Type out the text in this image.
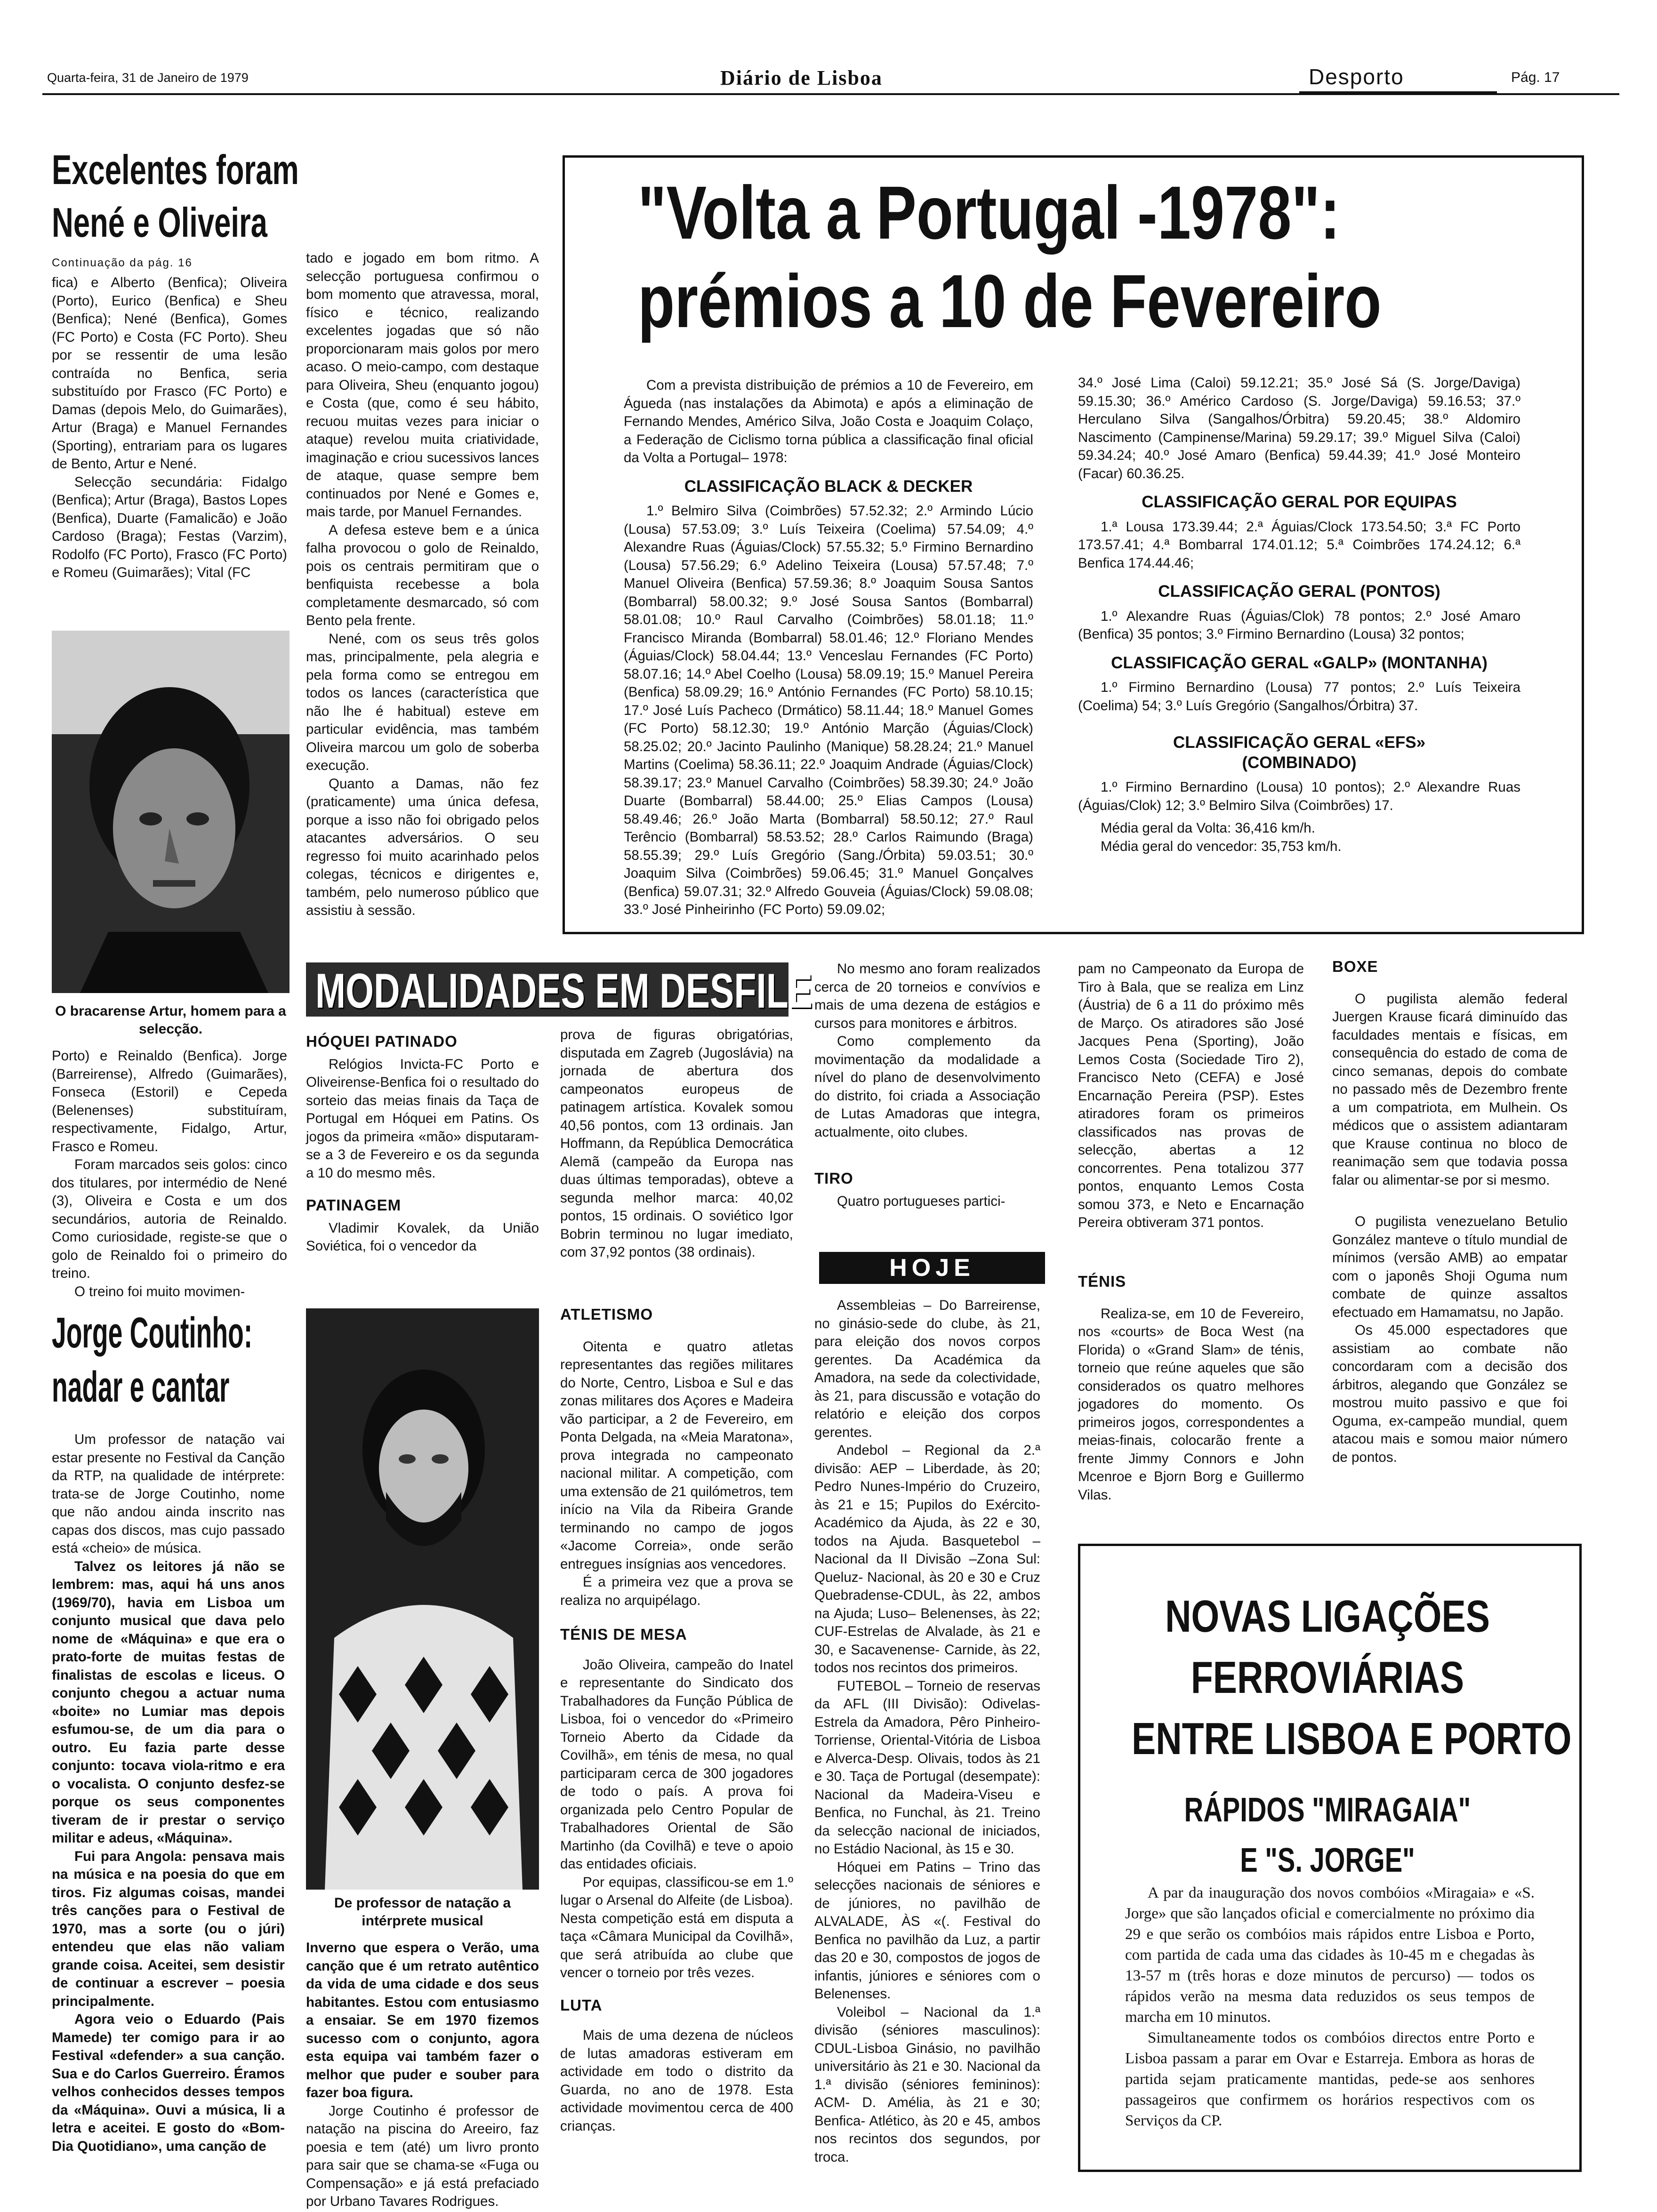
Quarta-feira, 31 de Janeiro de 1979	Diário de Lisboa	Desporto	Pág. 17
Excelentes foram
Nené e Oliveira
Continuação da pág. 16

fica) e Alberto (Benfica); Oliveira (Porto), Eurico (Benfica) e Sheu (Benfica); Nené (Benfica), Gomes (FC Porto) e Costa (FC Porto). Sheu por se ressentir de uma lesão contraída no Benfica, seria substituído por Frasco (FC Porto) e Damas (depois Melo, do Guimarães), Artur (Braga) e Manuel Fernandes (Sporting), entrariam para os lugares de Bento, Artur e Nené.

Selecção secundária: Fidalgo (Benfica); Artur (Braga), Bastos Lopes (Benfica), Duarte (Famalicão) e João Cardoso (Braga); Festas (Varzim), Rodolfo (FC Porto), Frasco (FC Porto) e Romeu (Guimarães); Vital (FC

tado e jogado em bom ritmo. A selecção portuguesa confirmou o bom momento que atravessa, moral, físico e técnico, realizando excelentes jogadas que só não proporcionaram mais golos por mero acaso. O meio-campo, com destaque para Oliveira, Sheu (enquanto jogou) e Costa (que, como é seu hábito, recuou muitas vezes para iniciar o ataque) revelou muita criatividade, imaginação e criou sucessivos lances de ataque, quase sempre bem continuados por Nené e Gomes e, mais tarde, por Manuel Fernandes.

A defesa esteve bem e a única falha provocou o golo de Reinaldo, pois os centrais permitiram que o benfiquista recebesse a bola completamente desmarcado, só com Bento pela frente.

Nené, com os seus três golos mas, principalmente, pela alegria e pela forma como se entregou em todos os lances (característica que não lhe é habitual) esteve em particular evidência, mas também Oliveira marcou um golo de soberba execução.

Quanto a Damas, não fez (praticamente) uma única defesa, porque a isso não foi obrigado pelos atacantes adversários. O seu regresso foi muito acarinhado pelos colegas, técnicos e dirigentes e, também, pelo numeroso público que assistiu à sessão.

O bracarense Artur, homem para a selecção.

Porto) e Reinaldo (Benfica). Jorge (Barreirense), Alfredo (Guimarães), Fonseca (Estoril) e Cepeda (Belenenses) substituíram, respectivamente, Fidalgo, Artur, Frasco e Romeu.

Foram marcados seis golos: cinco dos titulares, por intermédio de Nené (3), Oliveira e Costa e um dos secundários, autoria de Reinaldo. Como curiosidade, registe-se que o golo de Reinaldo foi o primeiro do treino.

O treino foi muito movimen-

"Volta a Portugal -1978":
prémios a 10 de Fevereiro

Com a prevista distribuição de prémios a 10 de Fevereiro, em Águeda (nas instalações da Abimota) e após a eliminação de Fernando Mendes, Américo Silva, João Costa e Joaquim Colaço, a Federação de Ciclismo torna pública a classificação final oficial da Volta a Portugal– 1978:

CLASSIFICAÇÃO BLACK & DECKER

1.º Belmiro Silva (Coimbrões) 57.52.32; 2.º Armindo Lúcio (Lousa) 57.53.09; 3.º Luís Teixeira (Coelima) 57.54.09; 4.º Alexandre Ruas (Águias/Clock) 57.55.32; 5.º Firmino Bernardino (Lousa) 57.56.29; 6.º Adelino Teixeira (Lousa) 57.57.48; 7.º Manuel Oliveira (Benfica) 57.59.36; 8.º Joaquim Sousa Santos (Bombarral) 58.00.32; 9.º José Sousa Santos (Bombarral) 58.01.08; 10.º Raul Carvalho (Coimbrões) 58.01.18; 11.º Francisco Miranda (Bombarral) 58.01.46; 12.º Floriano Mendes (Águias/Clock) 58.04.44; 13.º Venceslau Fernandes (FC Porto) 58.07.16; 14.º Abel Coelho (Lousa) 58.09.19; 15.º Manuel Pereira (Benfica) 58.09.29; 16.º António Fernandes (FC Porto) 58.10.15; 17.º José Luís Pacheco (Drmático) 58.11.44; 18.º Manuel Gomes (FC Porto) 58.12.30; 19.º António Marção (Águias/Clock) 58.25.02; 20.º Jacinto Paulinho (Manique) 58.28.24; 21.º Manuel Martins (Coelima) 58.36.11; 22.º Joaquim Andrade (Águias/Clock) 58.39.17; 23.º Manuel Carvalho (Coimbrões) 58.39.30; 24.º João Duarte (Bombarral) 58.44.00; 25.º Elias Campos (Lousa) 58.49.46; 26.º João Marta (Bombarral) 58.50.12; 27.º Raul Terêncio (Bombarral) 58.53.52; 28.º Carlos Raimundo (Braga) 58.55.39; 29.º Luís Gregório (Sang./Órbita) 59.03.51; 30.º Joaquim Silva (Coimbrões) 59.06.45; 31.º Manuel Gonçalves (Benfica) 59.07.31; 32.º Alfredo Gouveia (Águias/Clock) 59.08.08; 33.º José Pinheirinho (FC Porto) 59.09.02;

34.º José Lima (Caloi) 59.12.21; 35.º José Sá (S. Jorge/Daviga) 59.15.30; 36.º Américo Cardoso (S. Jorge/Daviga) 59.16.53; 37.º Herculano Silva (Sangalhos/Órbitra) 59.20.45; 38.º Aldomiro Nascimento (Campinense/Marina) 59.29.17; 39.º Miguel Silva (Caloi) 59.34.24; 40.º José Amaro (Benfica) 59.44.39; 41.º José Monteiro (Facar) 60.36.25.

CLASSIFICAÇÃO GERAL POR EQUIPAS

1.ª Lousa 173.39.44; 2.ª Águias/Clock 173.54.50; 3.ª FC Porto 173.57.41; 4.ª Bombarral 174.01.12; 5.ª Coimbrões 174.24.12; 6.ª Benfica 174.44.46;

CLASSIFICAÇÃO GERAL (PONTOS)

1.º Alexandre Ruas (Águias/Clok) 78 pontos; 2.º José Amaro (Benfica) 35 pontos; 3.º Firmino Bernardino (Lousa) 32 pontos;

CLASSIFICAÇÃO GERAL «GALP» (MONTANHA)

1.º Firmino Bernardino (Lousa) 77 pontos; 2.º Luís Teixeira (Coelima) 54; 3.º Luís Gregório (Sangalhos/Órbitra) 37.

CLASSIFICAÇÃO GERAL «EFS»
(COMBINADO)

1.º Firmino Bernardino (Lousa) 10 pontos); 2.º Alexandre Ruas (Águias/Clok) 12; 3.º Belmiro Silva (Coimbrões) 17.

Média geral da Volta: 36,416 km/h.

Média geral do vencedor: 35,753 km/h.

MODALIDADES EM DESFILE
HÓQUEI PATINADO

Relógios Invicta-FC Porto e Oliveirense-Benfica foi o resultado do sorteio das meias finais da Taça de Portugal em Hóquei em Patins. Os jogos da primeira «mão» disputaram-se a 3 de Fevereiro e os da segunda a 10 do mesmo mês.

PATINAGEM

Vladimir Kovalek, da União Soviética, foi o vencedor da

prova de figuras obrigatórias, disputada em Zagreb (Jugoslávia) na jornada de abertura dos campeonatos europeus de patinagem artística. Kovalek somou 40,56 pontos, com 13 ordinais. Jan Hoffmann, da República Democrática Alemã (campeão da Europa nas duas últimas temporadas), obteve a segunda melhor marca: 40,02 pontos, 15 ordinais. O soviético Igor Bobrin terminou no lugar imediato, com 37,92 pontos (38 ordinais).

No mesmo ano foram realizados cerca de 20 torneios e convívios e mais de uma dezena de estágios e cursos para monitores e árbitros.

Como complemento da movimentação da modalidade a nível do plano de desenvolvimento do distrito, foi criada a Associação de Lutas Amadoras que integra, actualmente, oito clubes.

TIRO

Quatro portugueses partici-

pam no Campeonato da Europa de Tiro à Bala, que se realiza em Linz (Áustria) de 6 a 11 do próximo mês de Março. Os atiradores são José Jacques Pena (Sporting), João Lemos Costa (Sociedade Tiro 2), Francisco Neto (CEFA) e José Encarnação Pereira (PSP). Estes atiradores foram os primeiros classificados nas provas de selecção, abertas a 12 concorrentes. Pena totalizou 377 pontos, enquanto Lemos Costa somou 373, e Neto e Encarnação Pereira obtiveram 371 pontos.

BOXE

O pugilista alemão federal Juergen Krause ficará diminuído das faculdades mentais e físicas, em consequência do estado de coma de cinco semanas, depois do combate no passado mês de Dezembro frente a um compatriota, em Mulhein. Os médicos que o assistem adiantaram que Krause continua no bloco de reanimação sem que todavia possa falar ou alimentar-se por si mesmo.

O pugilista venezuelano Betulio González manteve o título mundial de mínimos (versão AMB) ao empatar com o japonês Shoji Oguma num combate de quinze assaltos efectuado em Hamamatsu, no Japão.

Os 45.000 espectadores que assistiam ao combate não concordaram com a decisão dos árbitros, alegando que González se mostrou muito passivo e que foi Oguma, ex-campeão mundial, quem atacou mais e somou maior número de pontos.

HOJE

Assembleias – Do Barreirense, no ginásio-sede do clube, às 21, para eleição dos novos corpos gerentes. Da Académica da Amadora, na sede da colectividade, às 21, para discussão e votação do relatório e eleição dos corpos gerentes.

Andebol – Regional da 2.ª divisão: AEP – Liberdade, às 20; Pedro Nunes-Império do Cruzeiro, às 21 e 15; Pupilos do Exército-Académico da Ajuda, às 22 e 30, todos na Ajuda. Basquetebol – Nacional da II Divisão –Zona Sul: Queluz- Nacional, às 20 e 30 e Cruz Quebradense-CDUL, às 22, ambos na Ajuda; Luso– Belenenses, às 22; CUF-Estrelas de Alvalade, às 21 e 30, e Sacavenense- Carnide, às 22, todos nos recintos dos primeiros.

FUTEBOL – Torneio de reservas da AFL (III Divisão): Odivelas- Estrela da Amadora, Pêro Pinheiro- Torriense, Oriental-Vitória de Lisboa e Alverca-Desp. Olivais, todos às 21 e 30. Taça de Portugal (desempate): Nacional da Madeira-Viseu e Benfica, no Funchal, às 21. Treino da selecção nacional de iniciados, no Estádio Nacional, às 15 e 30.

Hóquei em Patins – Trino das selecções nacionais de séniores e de júniores, no pavilhão de ALVALADE, ÀS «(. Festival do Benfica no pavilhão da Luz, a partir das 20 e 30, compostos de jogos de infantis, júniores e séniores com o Belenenses.

Voleibol – Nacional da 1.ª divisão (séniores masculinos): CDUL-Lisboa Ginásio, no pavilhão universitário às 21 e 30. Nacional da 1.ª divisão (séniores femininos): ACM- D. Amélia, às 21 e 30; Benfica- Atlético, às 20 e 45, ambos nos recintos dos segundos, por troca.

TÉNIS

Realiza-se, em 10 de Fevereiro, nos «courts» de Boca West (na Florida) o «Grand Slam» de ténis, torneio que reúne aqueles que são considerados os quatro melhores jogadores do momento. Os primeiros jogos, correspondentes a meias-finais, colocarão frente a frente Jimmy Connors e John Mcenroe e Bjorn Borg e Guillermo Vilas.

ATLETISMO

Oitenta e quatro atletas representantes das regiões militares do Norte, Centro, Lisboa e Sul e das zonas militares dos Açores e Madeira vão participar, a 2 de Fevereiro, em Ponta Delgada, na «Meia Maratona», prova integrada no campeonato nacional militar. A competição, com uma extensão de 21 quilómetros, tem início na Vila da Ribeira Grande terminando no campo de jogos «Jacome Correia», onde serão entregues insígnias aos vencedores.

É a primeira vez que a prova se realiza no arquipélago.

TÉNIS DE MESA

João Oliveira, campeão do Inatel e representante do Sindicato dos Trabalhadores da Função Pública de Lisboa, foi o vencedor do «Primeiro Torneio Aberto da Cidade da Covilhã», em ténis de mesa, no qual participaram cerca de 300 jogadores de todo o país. A prova foi organizada pelo Centro Popular de Trabalhadores Oriental de São Martinho (da Covilhã) e teve o apoio das entidades oficiais.

Por equipas, classificou-se em 1.º lugar o Arsenal do Alfeite (de Lisboa). Nesta competição está em disputa a taça «Câmara Municipal da Covilhã», que será atribuída ao clube que vencer o torneio por três vezes.

LUTA

Mais de uma dezena de núcleos de lutas amadoras estiveram em actividade em todo o distrito da Guarda, no ano de 1978. Esta actividade movimentou cerca de 400 crianças.

Jorge Coutinho:
nadar e cantar

Um professor de natação vai estar presente no Festival da Canção da RTP, na qualidade de intérprete: trata-se de Jorge Coutinho, nome que não andou ainda inscrito nas capas dos discos, mas cujo passado está «cheio» de música.

Talvez os leitores já não se lembrem: mas, aqui há uns anos (1969/70), havia em Lisboa um conjunto musical que dava pelo nome de «Máquina» e que era o prato-forte de muitas festas de finalistas de escolas e liceus. O conjunto chegou a actuar numa «boite» no Lumiar mas depois esfumou-se, de um dia para o outro. Eu fazia parte desse conjunto: tocava viola-ritmo e era o vocalista. O conjunto desfez-se porque os seus componentes tiveram de ir prestar o serviço militar e adeus, «Máquina».

Fui para Angola: pensava mais na música e na poesia do que em tiros. Fiz algumas coisas, mandei três canções para o Festival de 1970, mas a sorte (ou o júri) entendeu que elas não valiam grande coisa. Aceitei, sem desistir de continuar a escrever – poesia principalmente.

Agora veio o Eduardo (Pais Mamede) ter comigo para ir ao Festival «defender» a sua canção. Sua e do Carlos Guerreiro. Éramos velhos conhecidos desses tempos da «Máquina». Ouvi a música, li a letra e aceitei. E gosto do «Bom-Dia Quotidiano», uma canção de

De professor de natação a intérprete musical

Inverno que espera o Verão, uma canção que é um retrato autêntico da vida de uma cidade e dos seus habitantes. Estou com entusiasmo a ensaiar. Se em 1970 fizemos sucesso com o conjunto, agora esta equipa vai também fazer o melhor que puder e souber para fazer boa figura.

Jorge Coutinho é professor de natação na piscina do Areeiro, faz poesia e tem (até) um livro pronto para sair que se chama-se «Fuga ou Compensação» e já está prefaciado por Urbano Tavares Rodrigues.

NOVAS LIGAÇÕES
FERROVIÁRIAS
ENTRE LISBOA E PORTO
RÁPIDOS "MIRAGAIA"
E "S. JORGE"

A par da inauguração dos novos combóios «Miragaia» e «S. Jorge» que são lançados oficial e comercialmente no próximo dia 29 e que serão os combóios mais rápidos entre Lisboa e Porto, com partida de cada uma das cidades às 10-45 m e chegadas às 13-57 m (três horas e doze minutos de percurso) — todos os rápidos verão na mesma data reduzidos os seus tempos de marcha em 10 minutos.

Simultaneamente todos os combóios directos entre Porto e Lisboa passam a parar em Ovar e Estarreja. Embora as horas de partida sejam praticamente mantidas, pede-se aos senhores passageiros que confirmem os horários respectivos com os Serviços da CP.
